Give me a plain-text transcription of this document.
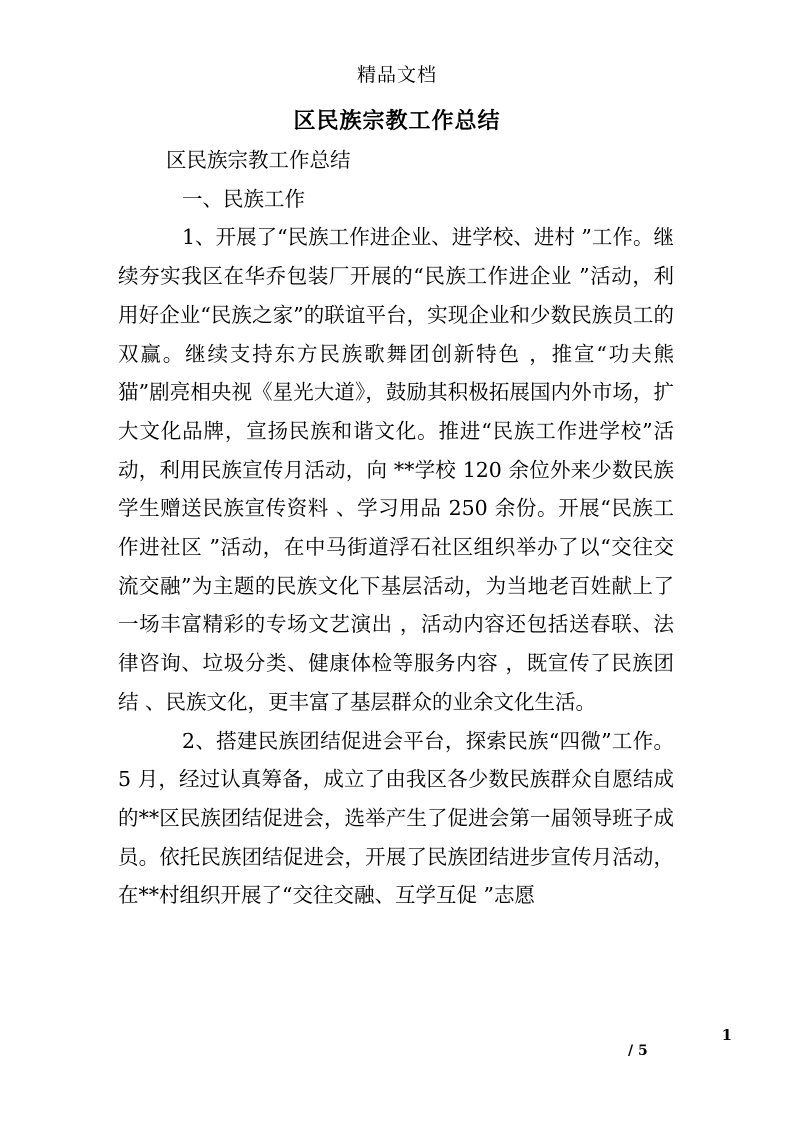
精品文档
区民族宗教工作总结

区民族宗教工作总结

一、民族工作

1、开展了“民族工作进企业、进学校、进村 ”工作。继续夯实我区在华乔包装厂开展的“民族工作进企业 ”活动，利用好企业“民族之家”的联谊平台，实现企业和少数民族员工的双赢。继续支持东方民族歌舞团创新特色 ，推宣“功夫熊猫”剧亮相央视《星光大道》，鼓励其积极拓展国内外市场，扩大文化品牌，宣扬民族和谐文化。推进“民族工作进学校”活动，利用民族宣传月活动，向 **学校 120 余位外来少数民族学生赠送民族宣传资料 、学习用品 250 余份。开展“民族工作进社区 ”活动，在中马街道浮石社区组织举办了以“交往交流交融”为主题的民族文化下基层活动，为当地老百姓献上了一场丰富精彩的专场文艺演出 ，活动内容还包括送春联、法律咨询、垃圾分类、健康体检等服务内容 ，既宣传了民族团结 、民族文化，更丰富了基层群众的业余文化生活。

2、搭建民族团结促进会平台，探索民族“四微”工作。5 月，经过认真筹备，成立了由我区各少数民族群众自愿结成的**区民族团结促进会，选举产生了促进会第一届领导班子成员。依托民族团结促进会，开展了民族团结进步宣传月活动，在**村组织开展了“交往交融、互学互促 ”志愿

1
/ 5
